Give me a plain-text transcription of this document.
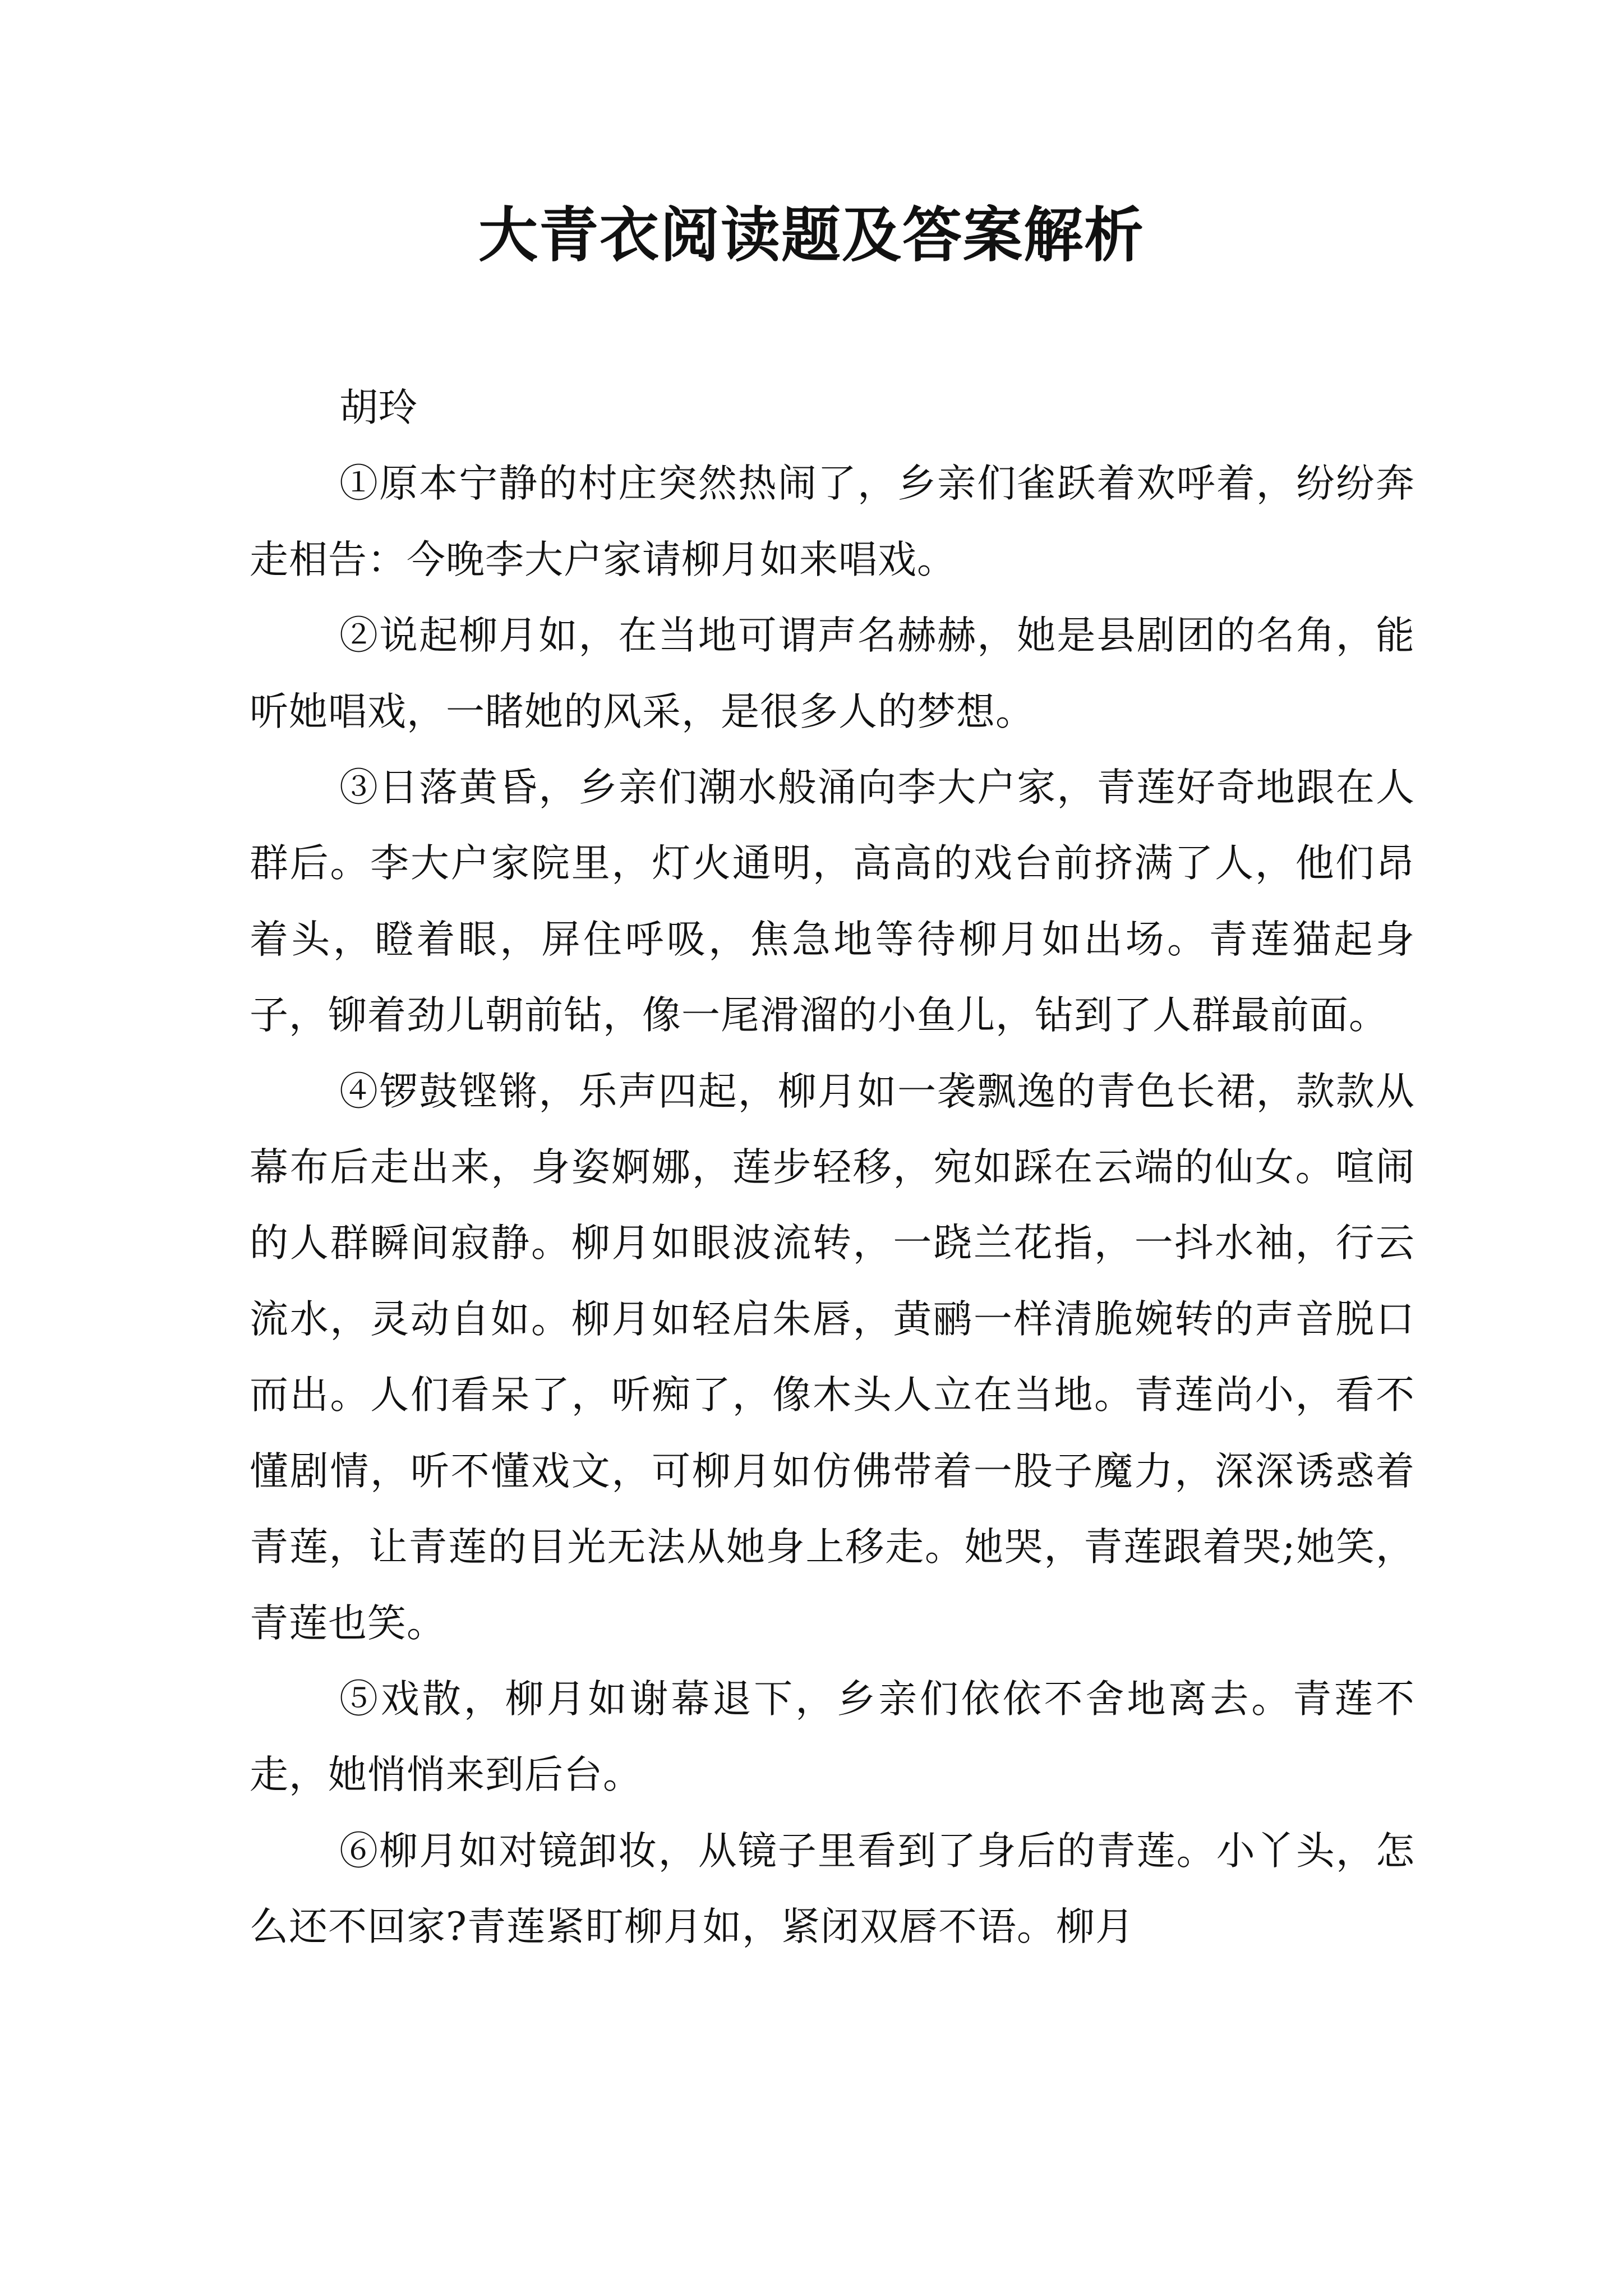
大青衣阅读题及答案解析

胡玲

①原本宁静的村庄突然热闹了，乡亲们雀跃着欢呼着，纷纷奔走相告：今晚李大户家请柳月如来唱戏。

②说起柳月如，在当地可谓声名赫赫，她是县剧团的名角，能听她唱戏，一睹她的风采，是很多人的梦想。

③日落黄昏，乡亲们潮水般涌向李大户家，青莲好奇地跟在人群后。李大户家院里，灯火通明，高高的戏台前挤满了人，他们昂着头，瞪着眼，屏住呼吸，焦急地等待柳月如出场。青莲猫起身子，铆着劲儿朝前钻，像一尾滑溜的小鱼儿，钻到了人群最前面。

④锣鼓铿锵，乐声四起，柳月如一袭飘逸的青色长裙，款款从幕布后走出来，身姿婀娜，莲步轻移，宛如踩在云端的仙女。喧闹的人群瞬间寂静。柳月如眼波流转，一跷兰花指，一抖水袖，行云流水，灵动自如。柳月如轻启朱唇，黄鹂一样清脆婉转的声音脱口而出。人们看呆了，听痴了，像木头人立在当地。青莲尚小，看不懂剧情，听不懂戏文，可柳月如仿佛带着一股子魔力，深深诱惑着青莲，让青莲的目光无法从她身上移走。她哭，青莲跟着哭;她笑，青莲也笑。

⑤戏散，柳月如谢幕退下，乡亲们依依不舍地离去。青莲不走，她悄悄来到后台。

⑥柳月如对镜卸妆，从镜子里看到了身后的青莲。小丫头，怎么还不回家?青莲紧盯柳月如，紧闭双唇不语。柳月
